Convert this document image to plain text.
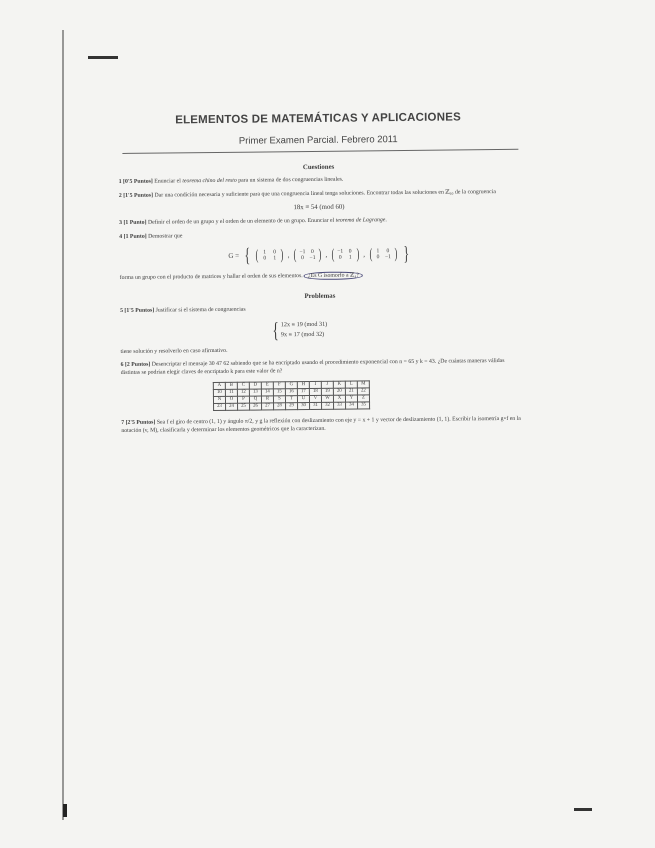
ELEMENTOS DE MATEMÁTICAS Y APLICACIONES
Primer Examen Parcial. Febrero 2011
Cuestiones

1 [0'5 Puntos] Enunciar el teorema chino del resto para un sistema de dos congruencias lineales.

2 [1'5 Puntos] Dar una condición necesaria y suficiente para que una congruencia lineal tenga soluciones. Encontrar todas las soluciones en ℤ₆₀ de la congruencia

18x ≡ 54 (mod 60)

3 [1 Punto] Definir el orden de un grupo y el orden de un elemento de un grupo. Enunciar el teorema de Lagrange.

4 [1 Punto] Demostrar que

G = { ( 1	0
0	1 ) , ( −1 0
0 −1 ) , ( −1 0
0	1 ) , ( 1	0
0 −1 ) }

forma un grupo con el producto de matrices y hallar el orden de sus elementos. ¿Es G isomorfo a ℤ₄?

Problemas

5 [1'5 Puntos] Justificar si el sistema de congruencias

{ 12x ≡ 19 (mod 31)
9x ≡ 17 (mod 32)

tiene solución y resolverlo en caso afirmativo.

6 [2 Puntos] Desencriptar el mensaje 30 47 62 sabiendo que se ha encriptado usando el procedimiento exponencial con n = 65 y k = 43. ¿De cuántas maneras válidas distintas se podrían elegir claves de encriptado k para este valor de n?

A	B	C	D	E	F	G	H	I	J	K	L	M
10	11	12	13	14	15	16	17	18	19	20	21	22
N	O	P	Q	R	S	T	U	V	W	X	Y	Z
23	24	25	26	27	28	29	30	31	32	33	34	35

7 [2'5 Puntos] Sea f el giro de centro (1, 1) y ángulo π/2, y g la reflexión con deslizamiento con eje y = x + 1 y vector de deslizamiento (1, 1). Escribir la isometría g∘f en la notación (v, M), clasificarla y determinar los elementos geométricos que la caracterizan.
